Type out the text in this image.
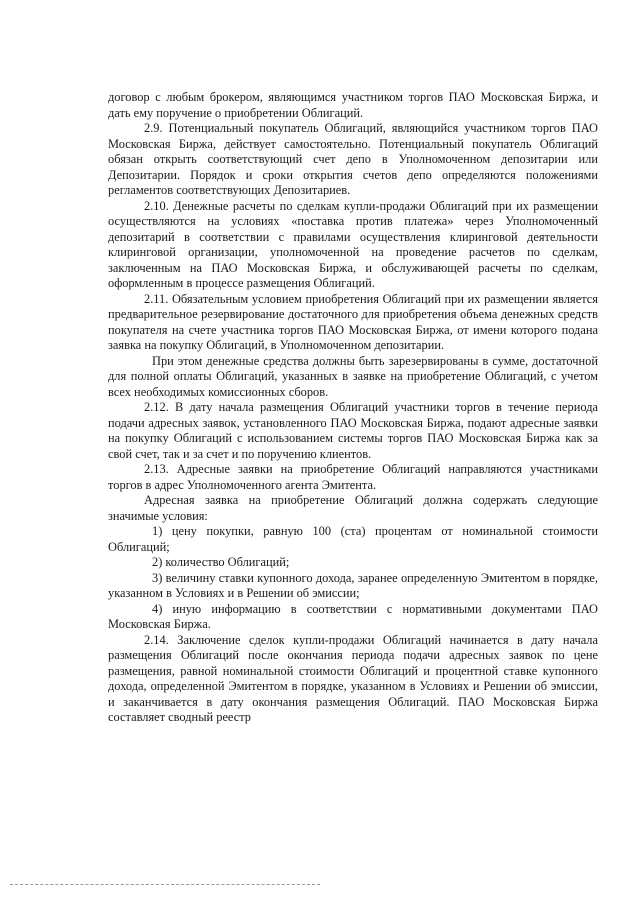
договор с любым брокером, являющимся участником торгов ПАО Московская Биржа, и дать ему поручение о приобретении Облигаций.

2.9. Потенциальный покупатель Облигаций, являющийся участником торгов ПАО Московская Биржа, действует самостоятельно. Потенциальный покупатель Облигаций обязан открыть соответствующий счет депо в Уполномоченном депозитарии или Депозитарии. Порядок и сроки открытия счетов депо определяются положениями регламентов соответствующих Депозитариев.

2.10. Денежные расчеты по сделкам купли-продажи Облигаций при их размещении осуществляются на условиях «поставка против платежа» через Уполномоченный депозитарий в соответствии с правилами осуществления клиринговой деятельности клиринговой организации, уполномоченной на проведение расчетов по сделкам, заключенным на ПАО Московская Биржа, и обслуживающей расчеты по сделкам, оформленным в процессе размещения Облигаций.

2.11. Обязательным условием приобретения Облигаций при их размещении является предварительное резервирование достаточного для приобретения объема денежных средств покупателя на счете участника торгов ПАО Московская Биржа, от имени которого подана заявка на покупку Облигаций, в Уполномоченном депозитарии.

При этом денежные средства должны быть зарезервированы в сумме, достаточной для полной оплаты Облигаций, указанных в заявке на приобретение Облигаций, с учетом всех необходимых комиссионных сборов.

2.12. В дату начала размещения Облигаций участники торгов в течение периода подачи адресных заявок, установленного ПАО Московская Биржа, подают адресные заявки на покупку Облигаций с использованием системы торгов ПАО Московская Биржа как за свой счет, так и за счет и по поручению клиентов.

2.13. Адресные заявки на приобретение Облигаций направляются участниками торгов в адрес Уполномоченного агента Эмитента.

Адресная заявка на приобретение Облигаций должна содержать следующие значимые условия:

1) цену покупки, равную 100 (ста) процентам от номинальной стоимости Облигаций;

2) количество Облигаций;

3) величину ставки купонного дохода, заранее определенную Эмитентом в порядке, указанном в Условиях и в Решении об эмиссии;

4) иную информацию в соответствии с нормативными документами ПАО Московская Биржа.

2.14. Заключение сделок купли-продажи Облигаций начинается в дату начала размещения Облигаций после окончания периода подачи адресных заявок по цене размещения, равной номинальной стоимости Облигаций и процентной ставке купонного дохода, определенной Эмитентом в порядке, указанном в Условиях и Решении об эмиссии, и заканчивается в дату окончания размещения Облигаций. ПАО Московская Биржа составляет сводный реестр
